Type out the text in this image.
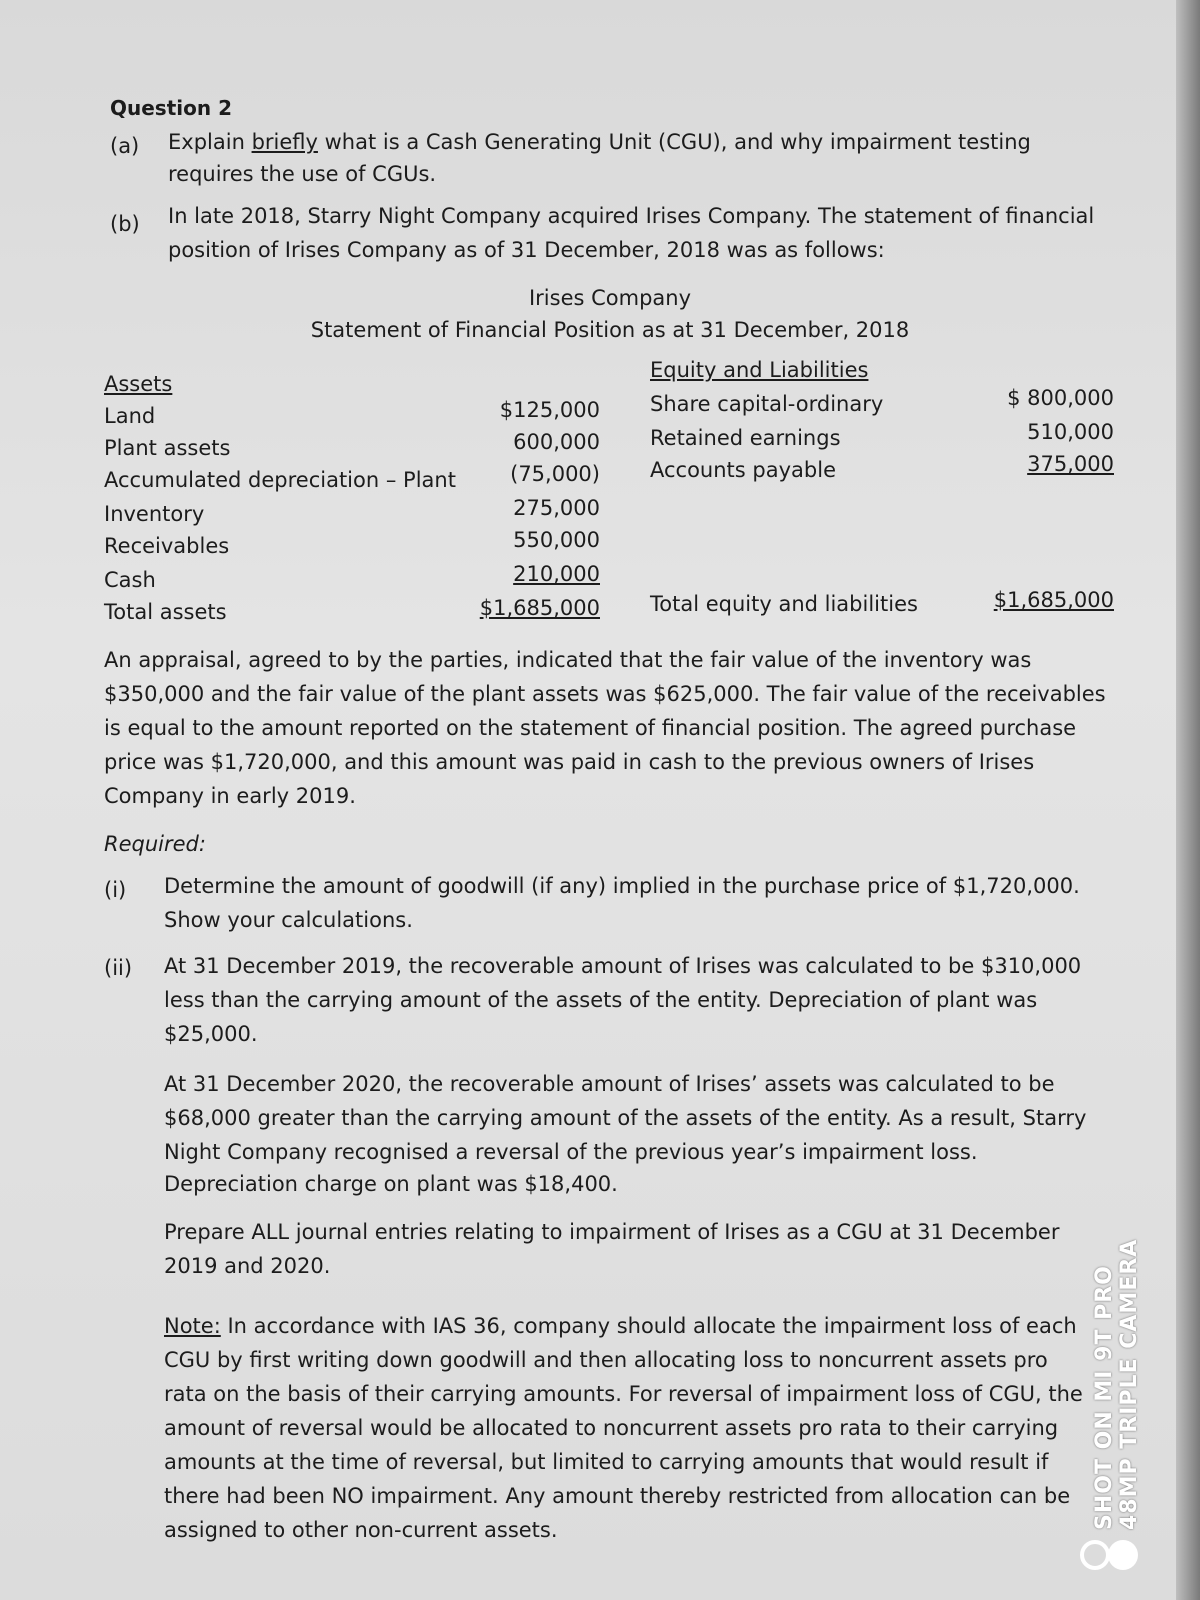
Question 2
(a) Explain briefly what is a Cash Generating Unit (CGU), and why impairment testing
requires the use of CGUs.
(b) In late 2018, Starry Night Company acquired Irises Company. The statement of financial
position of Irises Company as of 31 December, 2018 was as follows:
Irises Company
Statement of Financial Position as at 31 December, 2018
Assets
Land
Plant assets
Accumulated depreciation – Plant
Inventory
Receivables
Cash
Total assets
$125,000
600,000
(75,000)
275,000
550,000
210,000
$1,685,000
Equity and Liabilities
Share capital-ordinary
Retained earnings
Accounts payable
Total equity and liabilities
$ 800,000
510,000
375,000
$1,685,000
An appraisal, agreed to by the parties, indicated that the fair value of the inventory was
$350,000 and the fair value of the plant assets was $625,000. The fair value of the receivables
is equal to the amount reported on the statement of financial position. The agreed purchase
price was $1,720,000, and this amount was paid in cash to the previous owners of Irises
Company in early 2019.
Required:
(i) Determine the amount of goodwill (if any) implied in the purchase price of $1,720,000.
Show your calculations.
(ii) At 31 December 2019, the recoverable amount of Irises was calculated to be $310,000
less than the carrying amount of the assets of the entity. Depreciation of plant was
$25,000.
At 31 December 2020, the recoverable amount of Irises’ assets was calculated to be
$68,000 greater than the carrying amount of the assets of the entity. As a result, Starry
Night Company recognised a reversal of the previous year’s impairment loss.
Depreciation charge on plant was $18,400.
Prepare ALL journal entries relating to impairment of Irises as a CGU at 31 December
2019 and 2020.
Note: In accordance with IAS 36, company should allocate the impairment loss of each
CGU by first writing down goodwill and then allocating loss to noncurrent assets pro
rata on the basis of their carrying amounts. For reversal of impairment loss of CGU, the
amount of reversal would be allocated to noncurrent assets pro rata to their carrying
amounts at the time of reversal, but limited to carrying amounts that would result if
there had been NO impairment. Any amount thereby restricted from allocation can be
assigned to other non-current assets.	SHOT ON MI 9T PRO 48MP TRIPLE CAMERA
